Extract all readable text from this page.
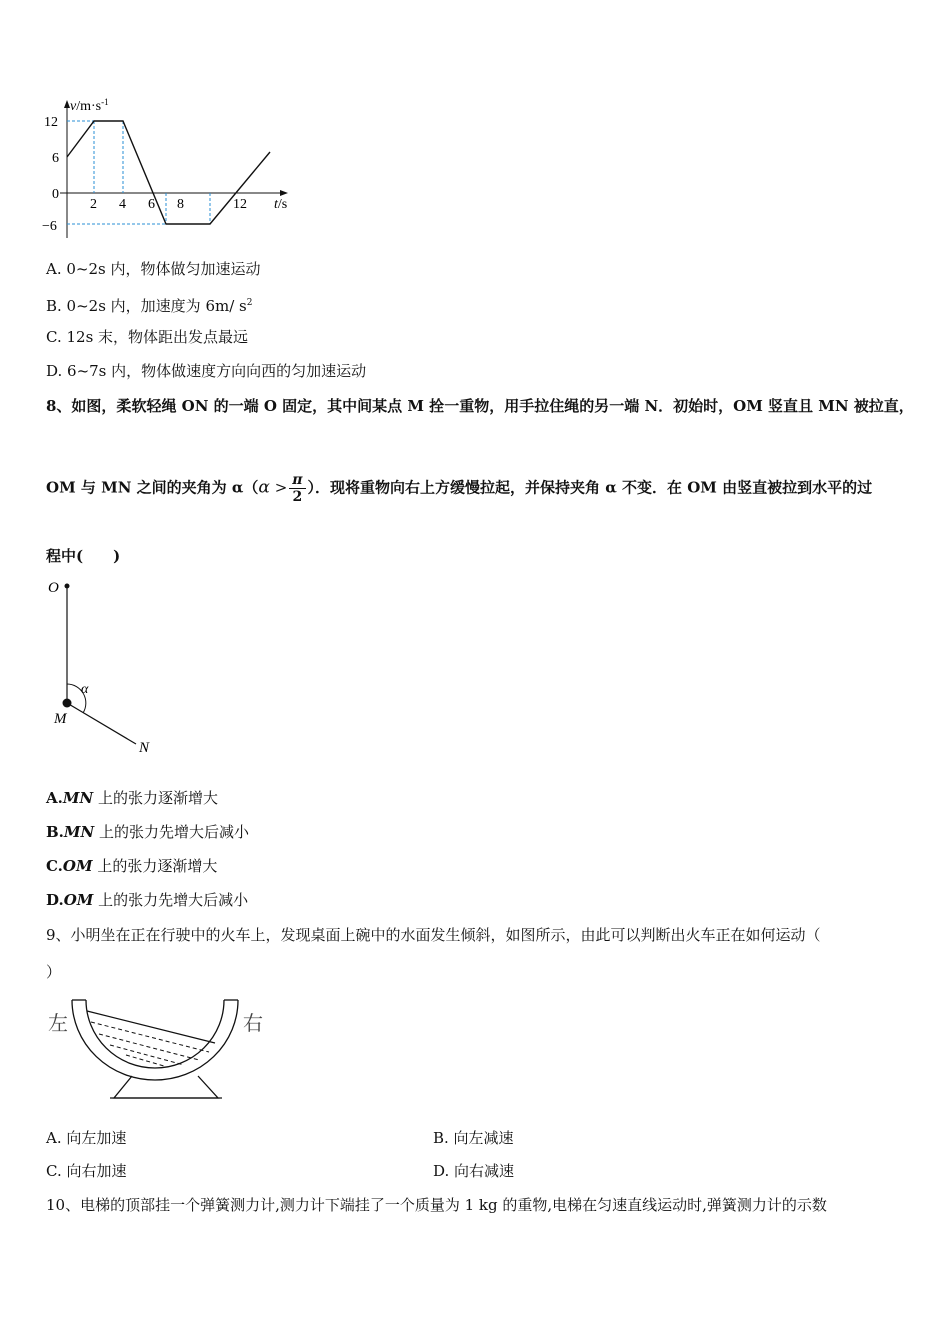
$v/m\cdot s^{-1}$
12
6
0
−6
2 4 6 8	12 t/s
A. 0~2s 内，物体做匀加速运动
B. 0~2s 内，加速度为 6m/ $s^2$
C. 12s 末，物体距出发点最远
D. 6~7s 内，物体做速度方向向西的匀加速运动
8、如图，柔软轻绳 ON 的一端 O 固定，其中间某点 M 拴一重物，用手拉住绳的另一端 N．初始时，OM 竖直且 MN 被拉直，
OM 与 MN 之间的夹角为 $\alpha(\alpha > \frac{\pi}{2}$ ）．现将重物向右上方缓慢拉起，并保持夹角 α 不变．在 OM 由竖直被拉到水平的过
程中(　　)
O
M
N
α
A.MN 上的张力逐渐增大
B.MN 上的张力先增大后减小
C.OM 上的张力逐渐增大
D.OM 上的张力先增大后减小
9、小明坐在正在行驶中的火车上，发现桌面上碗中的水面发生倾斜，如图所示，由此可以判断出火车正在如何运动（
）
左	右
A. 向左加速	B. 向左减速
C. 向右加速	D. 向右减速
10、电梯的顶部挂一个弹簧测力计,测力计下端挂了一个质量为 1 kg 的重物,电梯在匀速直线运动时,弹簧测力计的示数
